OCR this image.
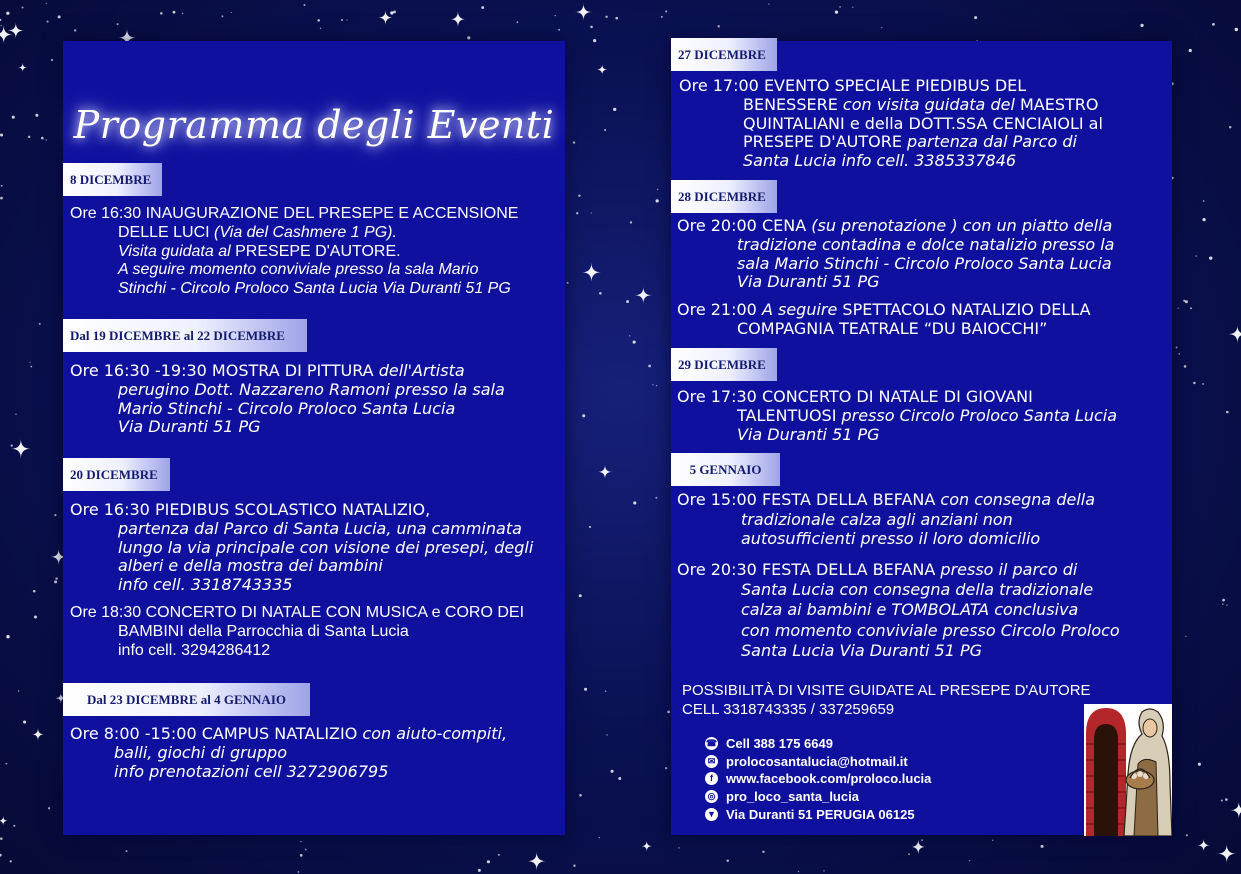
Programma degli Eventi
8 DICEMBRE
Ore 16:30 INAUGURAZIONE DEL PRESEPE E ACCENSIONE
DELLE LUCI (Via del Cashmere 1 PG).
Visita guidata al PRESEPE D'AUTORE.
A seguire momento conviviale presso la sala Mario
Stinchi - Circolo Proloco Santa Lucia Via Duranti 51 PG
Dal 19 DICEMBRE al 22 DICEMBRE
Ore 16:30 -19:30 MOSTRA DI PITTURA dell'Artista
perugino Dott. Nazzareno Ramoni presso la sala
Mario Stinchi - Circolo Proloco Santa Lucia
Via Duranti 51 PG
20 DICEMBRE
Ore 16:30 PIEDIBUS SCOLASTICO NATALIZIO,
partenza dal Parco di Santa Lucia, una camminata
lungo la via principale con visione dei presepi, degli
alberi e della mostra dei bambini
info cell. 3318743335
Ore 18:30 CONCERTO DI NATALE CON MUSICA e CORO DEI
BAMBINI della Parrocchia di Santa Lucia
info cell. 3294286412
Dal 23 DICEMBRE al 4 GENNAIO
Ore 8:00 -15:00 CAMPUS NATALIZIO con aiuto-compiti,
balli, giochi di gruppo
info prenotazioni cell 3272906795
27 DICEMBRE
Ore 17:00 EVENTO SPECIALE PIEDIBUS DEL
BENESSERE con visita guidata del MAESTRO
QUINTALIANI e della DOTT.SSA CENCIAIOLI al
PRESEPE D'AUTORE partenza dal Parco di
Santa Lucia info cell. 3385337846
28 DICEMBRE
Ore 20:00 CENA (su prenotazione ) con un piatto della
tradizione contadina e dolce natalizio presso la
sala Mario Stinchi - Circolo Proloco Santa Lucia
Via Duranti 51 PG
Ore 21:00 A seguire SPETTACOLO NATALIZIO DELLA
COMPAGNIA TEATRALE “DU BAIOCCHI”
29 DICEMBRE
Ore 17:30 CONCERTO DI NATALE DI GIOVANI
TALENTUOSI presso Circolo Proloco Santa Lucia
Via Duranti 51 PG
5 GENNAIO
Ore 15:00 FESTA DELLA BEFANA con consegna della
tradizionale calza agli anziani non
autosufficienti presso il loro domicilio
Ore 20:30 FESTA DELLA BEFANA presso il parco di
Santa Lucia con consegna della tradizionale
calza ai bambini e TOMBOLATA conclusiva
con momento conviviale presso Circolo Proloco
Santa Lucia Via Duranti 51 PG
POSSIBILITÀ DI VISITE GUIDATE AL PRESEPE D'AUTORE
CELL 3318743335 / 337259659
☎ Cell 388 175 6649
✉ prolocosantalucia@hotmail.it
f	www.facebook.com/proloco.lucia
◎ pro_loco_santa_lucia
▼ Via Duranti 51 PERUGIA 06125
